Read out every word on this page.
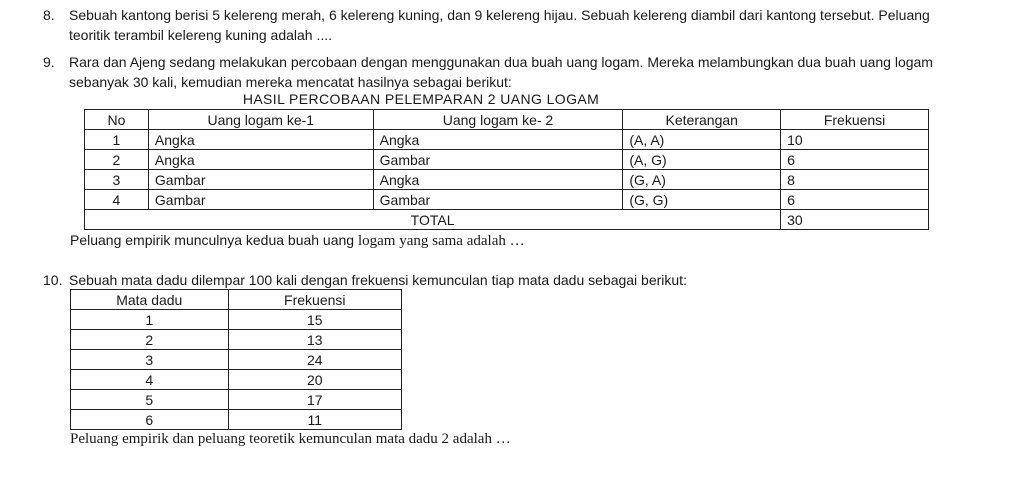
8. Sebuah kantong berisi 5 kelereng merah, 6 kelereng kuning, dan 9 kelereng hijau. Sebuah kelereng diambil dari kantong tersebut. Peluang
teoritik terambil kelereng kuning adalah ....
9. Rara dan Ajeng sedang melakukan percobaan dengan menggunakan dua buah uang logam. Mereka melambungkan dua buah uang logam
sebanyak 30 kali, kemudian mereka mencatat hasilnya sebagai berikut:
HASIL PERCOBAAN PELEMPARAN 2 UANG LOGAM
No	Uang logam ke-1	Uang logam ke- 2	Keterangan	Frekuensi
1	Angka	Angka	(A, A)	10
2	Angka	Gambar	(A, G)	6
3	Gambar	Angka	(G, A)	8
4	Gambar	Gambar	(G, G)	6
TOTAL				30
Peluang empirik munculnya kedua buah uang logam yang sama adalah …
10. Sebuah mata dadu dilempar 100 kali dengan frekuensi kemunculan tiap mata dadu sebagai berikut:
Mata dadu	Frekuensi
1	15
2	13
3	24
4	20
5	17
6	11
Peluang empirik dan peluang teoretik kemunculan mata dadu 2 adalah …
